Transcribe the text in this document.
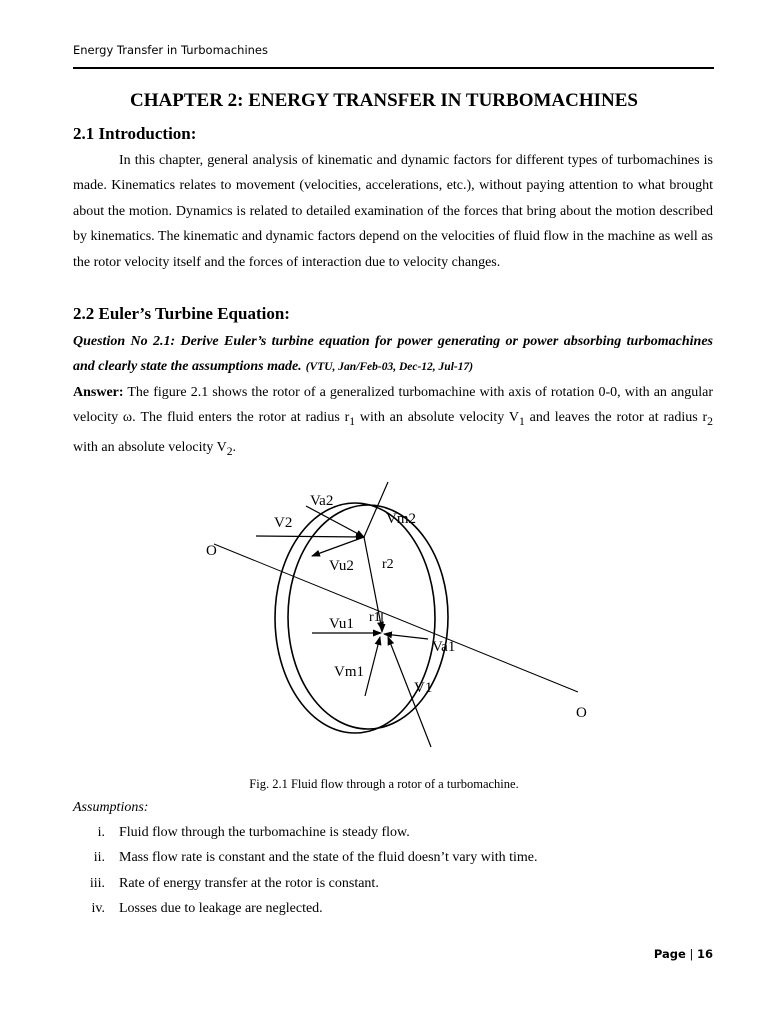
Energy Transfer in Turbomachines
CHAPTER 2: ENERGY TRANSFER IN TURBOMACHINES
2.1 Introduction:

In this chapter, general analysis of kinematic and dynamic factors for different types of turbomachines is made. Kinematics relates to movement (velocities, accelerations, etc.), without paying attention to what brought about the motion. Dynamics is related to detailed examination of the forces that bring about the motion described by kinematics. The kinematic and dynamic factors depend on the velocities of fluid flow in the machine as well as the rotor velocity itself and the forces of interaction due to velocity changes.

2.2 Euler’s Turbine Equation:

Question No 2.1: Derive Euler’s turbine equation for power generating or power absorbing turbomachines and clearly state the assumptions made. (VTU, Jan/Feb-03, Dec-12, Jul-17)

Answer: The figure 2.1 shows the rotor of a generalized turbomachine with axis of rotation 0-0, with an angular velocity ω. The fluid enters the rotor at radius $r_1$ with an absolute velocity $V_1$ and leaves the rotor at radius $r_2$ with an absolute velocity $V_2$.

Va2
V2	Vm2
O
Vu2 r2
r1
Vu1
Va1
Vm1
V1
O

Fig. 2.1 Fluid flow through a rotor of a turbomachine.

Assumptions:

i. Fluid flow through the turbomachine is steady flow.
ii. Mass flow rate is constant and the state of the fluid doesn’t vary with time.
iii. Rate of energy transfer at the rotor is constant.
iv. Losses due to leakage are neglected.
Page | 16
